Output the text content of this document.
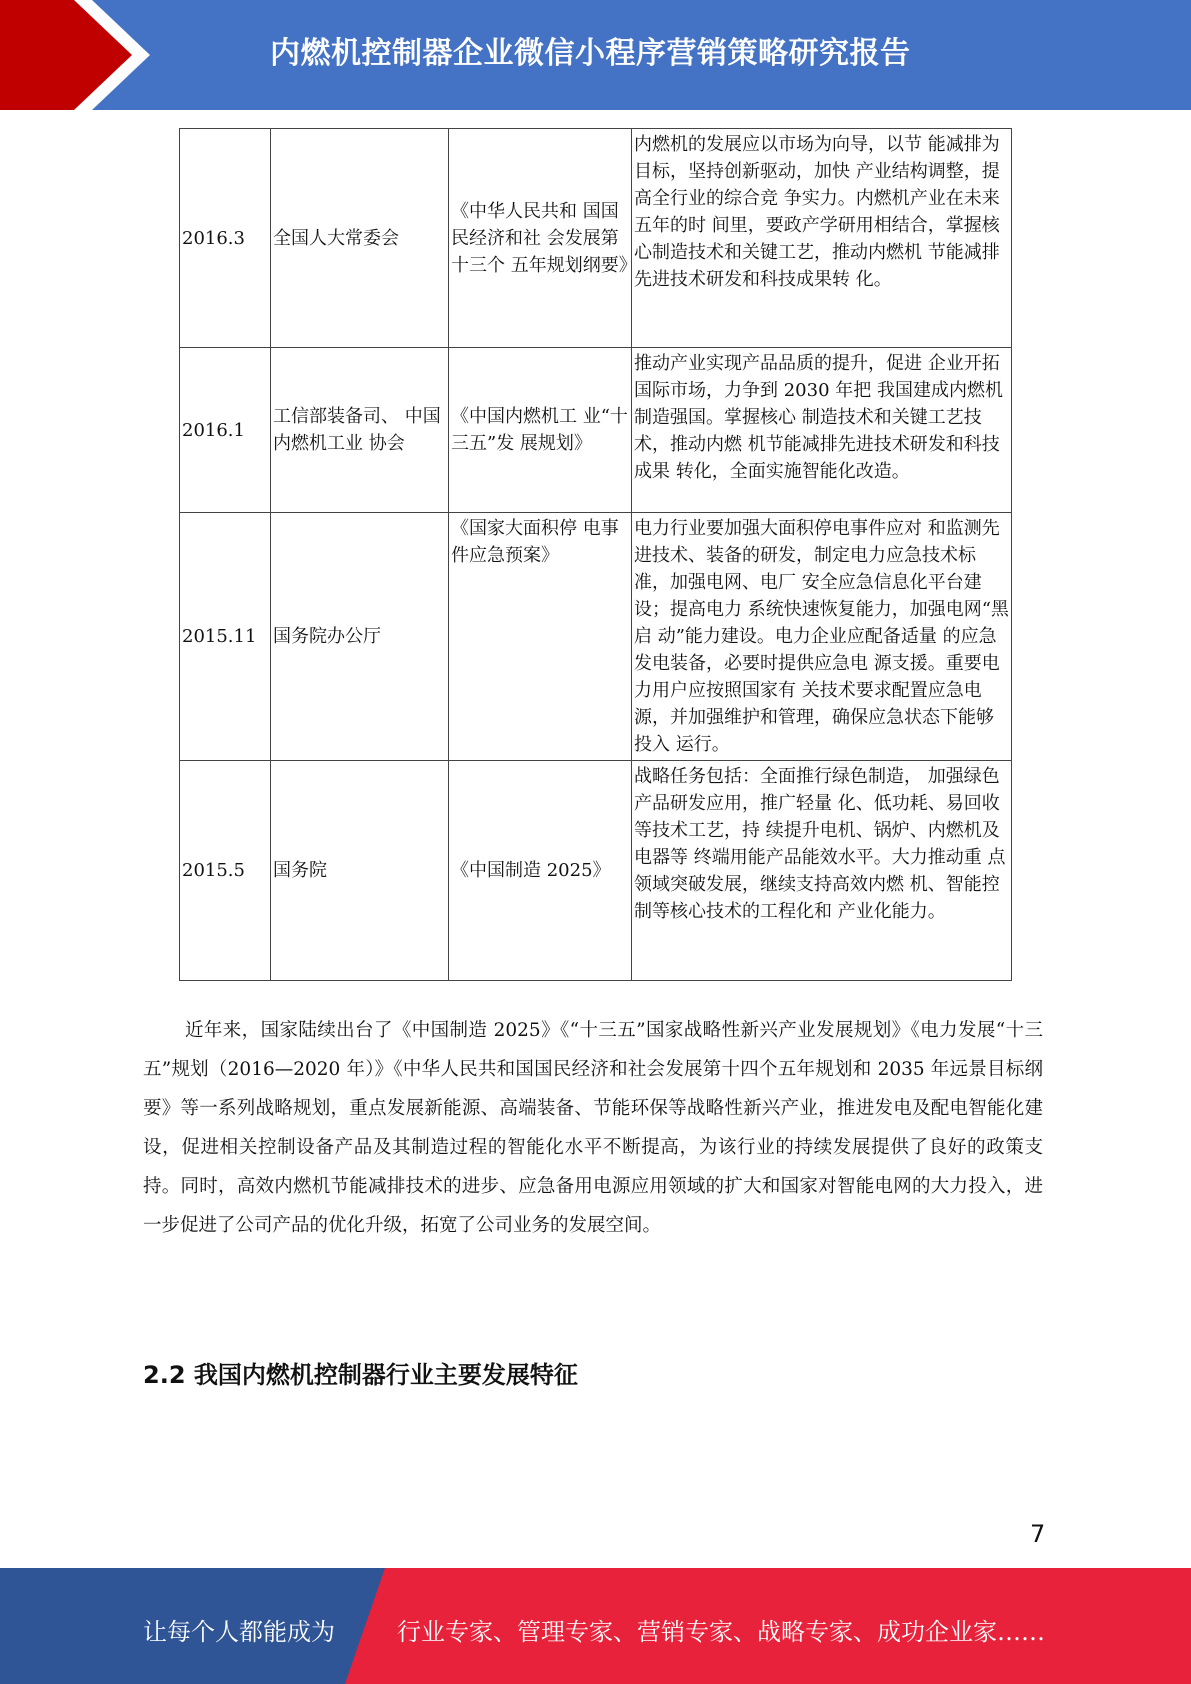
内燃机控制器企业微信小程序营销策略研究报告
2016.3	全国人大常委会	《中华人民共和 国国民经济和社 会发展第十三个 五年规划纲要》	内燃机的发展应以市场为向导，以节 能减排为目标，坚持创新驱动，加快 产业结构调整，提高全行业的综合竞 争实力。内燃机产业在未来五年的时 间里，要政产学研用相结合，掌握核 心制造技术和关键工艺，推动内燃机 节能减排先进技术研发和科技成果转 化。
2016.1	工信部装备司、 中国内燃机工业 协会	《中国内燃机工 业“十三五”发 展规划》	推动产业实现产品品质的提升，促进 企业开拓国际市场，力争到 2030 年把 我国建成内燃机制造强国。掌握核心 制造技术和关键工艺技术，推动内燃 机节能减排先进技术研发和科技成果 转化，全面实施智能化改造。
2015.11	国务院办公厅	《国家大面积停 电事件应急预案》	电力行业要加强大面积停电事件应对 和监测先进技术、装备的研发，制定电力应急技术标准，加强电网、电厂 安全应急信息化平台建设；提高电力 系统快速恢复能力，加强电网“黑启 动”能力建设。电力企业应配备适量 的应急发电装备，必要时提供应急电 源支援。重要电力用户应按照国家有 关技术要求配置应急电源，并加强维护和管理，确保应急状态下能够投入 运行。
2015.5	国务院	《中国制造 2025》	战略任务包括：全面推行绿色制造， 加强绿色产品研发应用，推广轻量 化、低功耗、易回收等技术工艺，持 续提升电机、锅炉、内燃机及电器等 终端用能产品能效水平。大力推动重 点领域突破发展，继续支持高效内燃 机、智能控制等核心技术的工程化和 产业化能力。

近年来，国家陆续出台了《中国制造 2025》《“十三五”国家战略性新兴产业发展规划》《电力发展“十三五”规划（2016—2020 年）》《中华人民共和国国民经济和社会发展第十四个五年规划和 2035 年远景目标纲要》等一系列战略规划，重点发展新能源、高端装备、节能环保等战略性新兴产业，推进发电及配电智能化建设，促进相关控制设备产品及其制造过程的智能化水平不断提高，为该行业的持续发展提供了良好的政策支持。同时，高效内燃机节能减排技术的进步、应急备用电源应用领域的扩大和国家对智能电网的大力投入，进一步促进了公司产品的优化升级，拓宽了公司业务的发展空间。

2.2 我国内燃机控制器行业主要发展特征
7
让每个人都能成为	行业专家、管理专家、营销专家、战略专家、成功企业家……
